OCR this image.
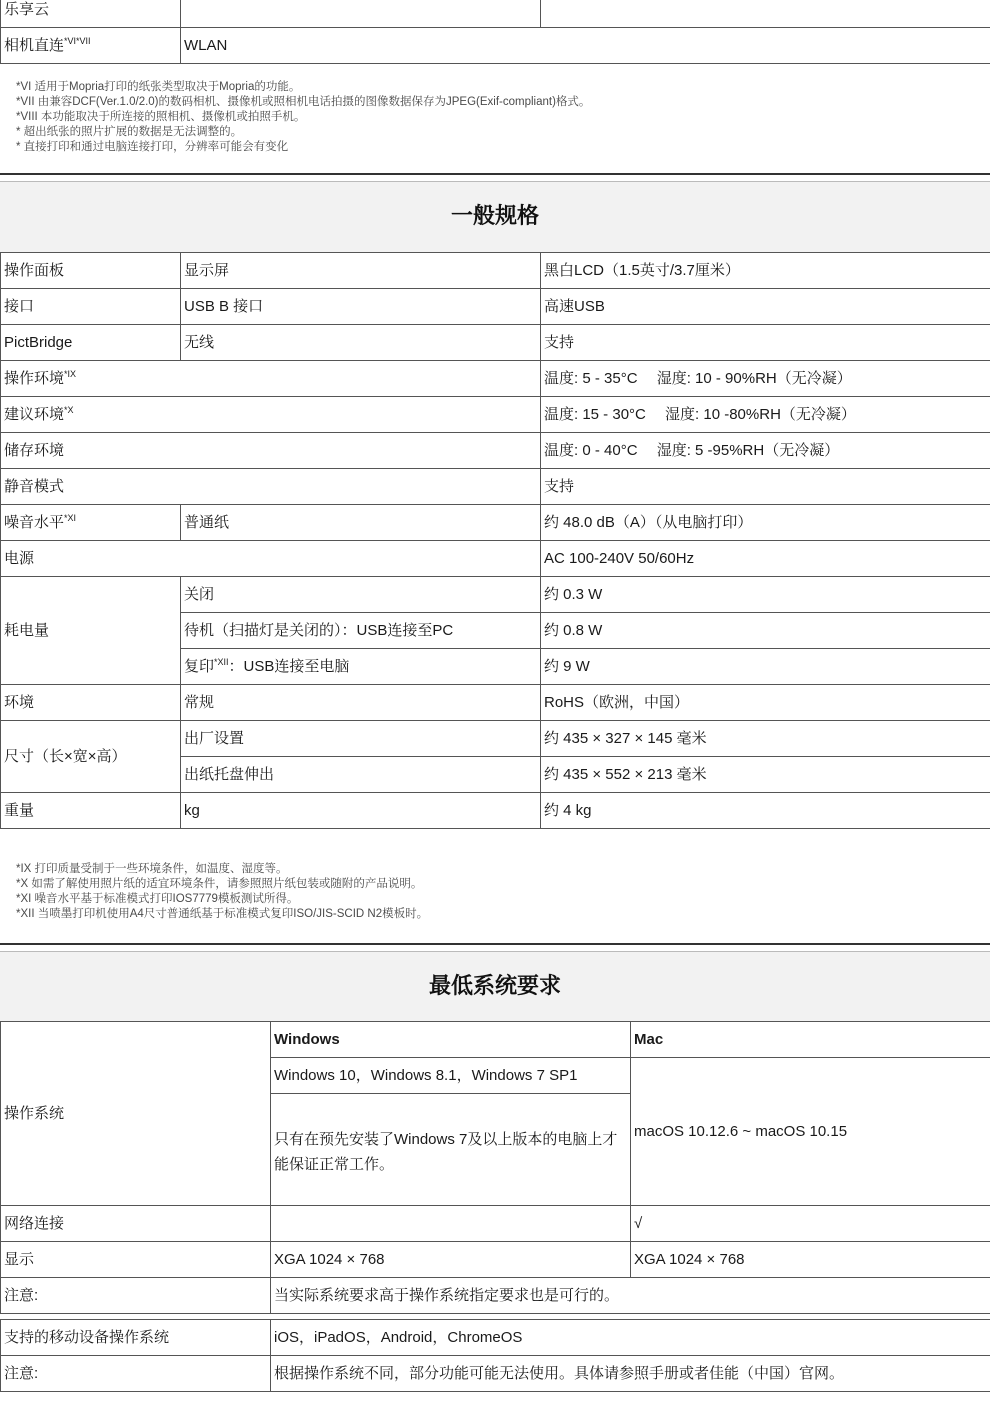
乐享云		
相机直连$^{*VI*VII}$	WLAN	
*VI 适用于Mopria打印的纸张类型取决于Mopria的功能。
*VII 由兼容DCF(Ver.1.0/2.0)的数码相机、摄像机或照相机电话拍摄的图像数据保存为JPEG(Exif-compliant)格式。
*VIII 本功能取决于所连接的照相机、摄像机或拍照手机。
* 超出纸张的照片扩展的数据是无法调整的。
* 直接打印和通过电脑连接打印，分辨率可能会有变化
一般规格
操作面板	显示屏	黑白LCD（1.5英寸/3.7厘米）
接口	USB B 接口	高速USB
PictBridge	无线	支持
操作环境$^{*IX}$		温度: 5 - 35°C　 湿度: 10 - 90%RH（无冷凝）
建议环境$^{*X}$		温度: 15 - 30°C　 湿度: 10 -80%RH（无冷凝）
储存环境		温度: 0 - 40°C　 湿度: 5 -95%RH（无冷凝）
静音模式		支持
噪音水平$^{*XI}$	普通纸	约 48.0 dB（A）（从电脑打印）
电源		AC 100-240V 50/60Hz
耗电量	关闭	约 0.3 W
	待机（扫描灯是关闭的）：USB连接至PC	约 0.8 W
	复印$^{*XII}$：USB连接至电脑	约 9 W
环境	常规	RoHS（欧洲，中国）
尺寸（长×宽×高）	出厂设置	约 435 × 327 × 145 毫米
	出纸托盘伸出	约 435 × 552 × 213 毫米
重量	kg	约 4 kg
*IX 打印质量受制于一些环境条件，如温度、湿度等。
*X 如需了解使用照片纸的适宜环境条件，请参照照片纸包装或随附的产品说明。
*XI 噪音水平基于标准模式打印IOS7779模板测试所得。
*XII 当喷墨打印机使用A4尺寸普通纸基于标准模式复印ISO/JIS-SCID N2模板时。
最低系统要求
操作系统	Windows	Mac
	Windows 10，Windows 8.1，Windows 7 SP1	macOS 10.12.6 ~ macOS 10.15
	只有在预先安装了Windows 7及以上版本的电脑上才能保证正常工作。	
网络连接		√
显示	XGA 1024 × 768	XGA 1024 × 768
注意:	当实际系统要求高于操作系统指定要求也是可行的。	
支持的移动设备操作系统	iOS，iPadOS，Android，ChromeOS
注意:	根据操作系统不同，部分功能可能无法使用。具体请参照手册或者佳能（中国）官网。
